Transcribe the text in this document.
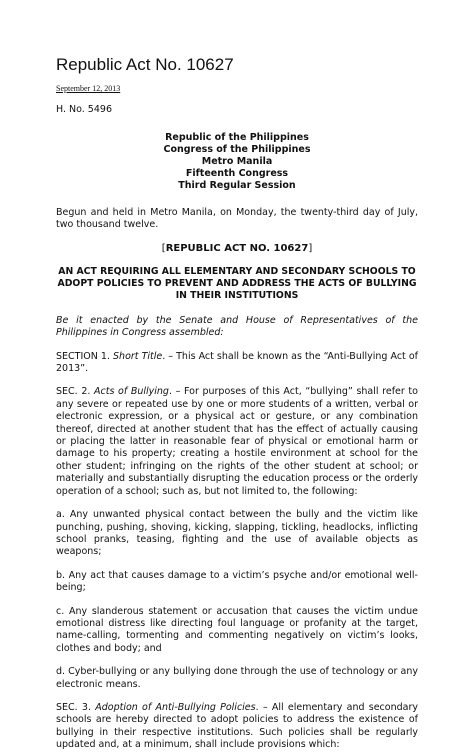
Republic Act No. 10627
September 12, 2013
H. No. 5496
Republic of the Philippines
Congress of the Philippines
Metro Manila
Fifteenth Congress
Third Regular Session

Begun and held in Metro Manila, on Monday, the twenty-third day of July, two thousand twelve.

[REPUBLIC ACT NO. 10627]
AN ACT REQUIRING ALL ELEMENTARY AND SECONDARY SCHOOLS TO ADOPT POLICIES TO PREVENT AND ADDRESS THE ACTS OF BULLYING IN THEIR INSTITUTIONS

Be it enacted by the Senate and House of Representatives of the Philippines in Congress assembled:

SECTION 1. Short Title. – This Act shall be known as the “Anti-Bullying Act of 2013”.

SEC. 2. Acts of Bullying. – For purposes of this Act, “bullying” shall refer to any severe or repeated use by one or more students of a written, verbal or electronic expression, or a physical act or gesture, or any combination thereof, directed at another student that has the effect of actually causing or placing the latter in reasonable fear of physical or emotional harm or damage to his property; creating a hostile environment at school for the other student; infringing on the rights of the other student at school; or materially and substantially disrupting the education process or the orderly operation of a school; such as, but not limited to, the following:

a. Any unwanted physical contact between the bully and the victim like punching, pushing, shoving, kicking, slapping, tickling, headlocks, inflicting school pranks, teasing, fighting and the use of available objects as weapons;

b. Any act that causes damage to a victim’s psyche and/or emotional well-being;

c. Any slanderous statement or accusation that causes the victim undue emotional distress like directing foul language or profanity at the target, name-calling, tormenting and commenting negatively on victim’s looks, clothes and body; and

d. Cyber-bullying or any bullying done through the use of technology or any electronic means.

SEC. 3. Adoption of Anti-Bullying Policies. – All elementary and secondary schools are hereby directed to adopt policies to address the existence of bullying in their respective institutions. Such policies shall be regularly updated and, at a minimum, shall include provisions which:
